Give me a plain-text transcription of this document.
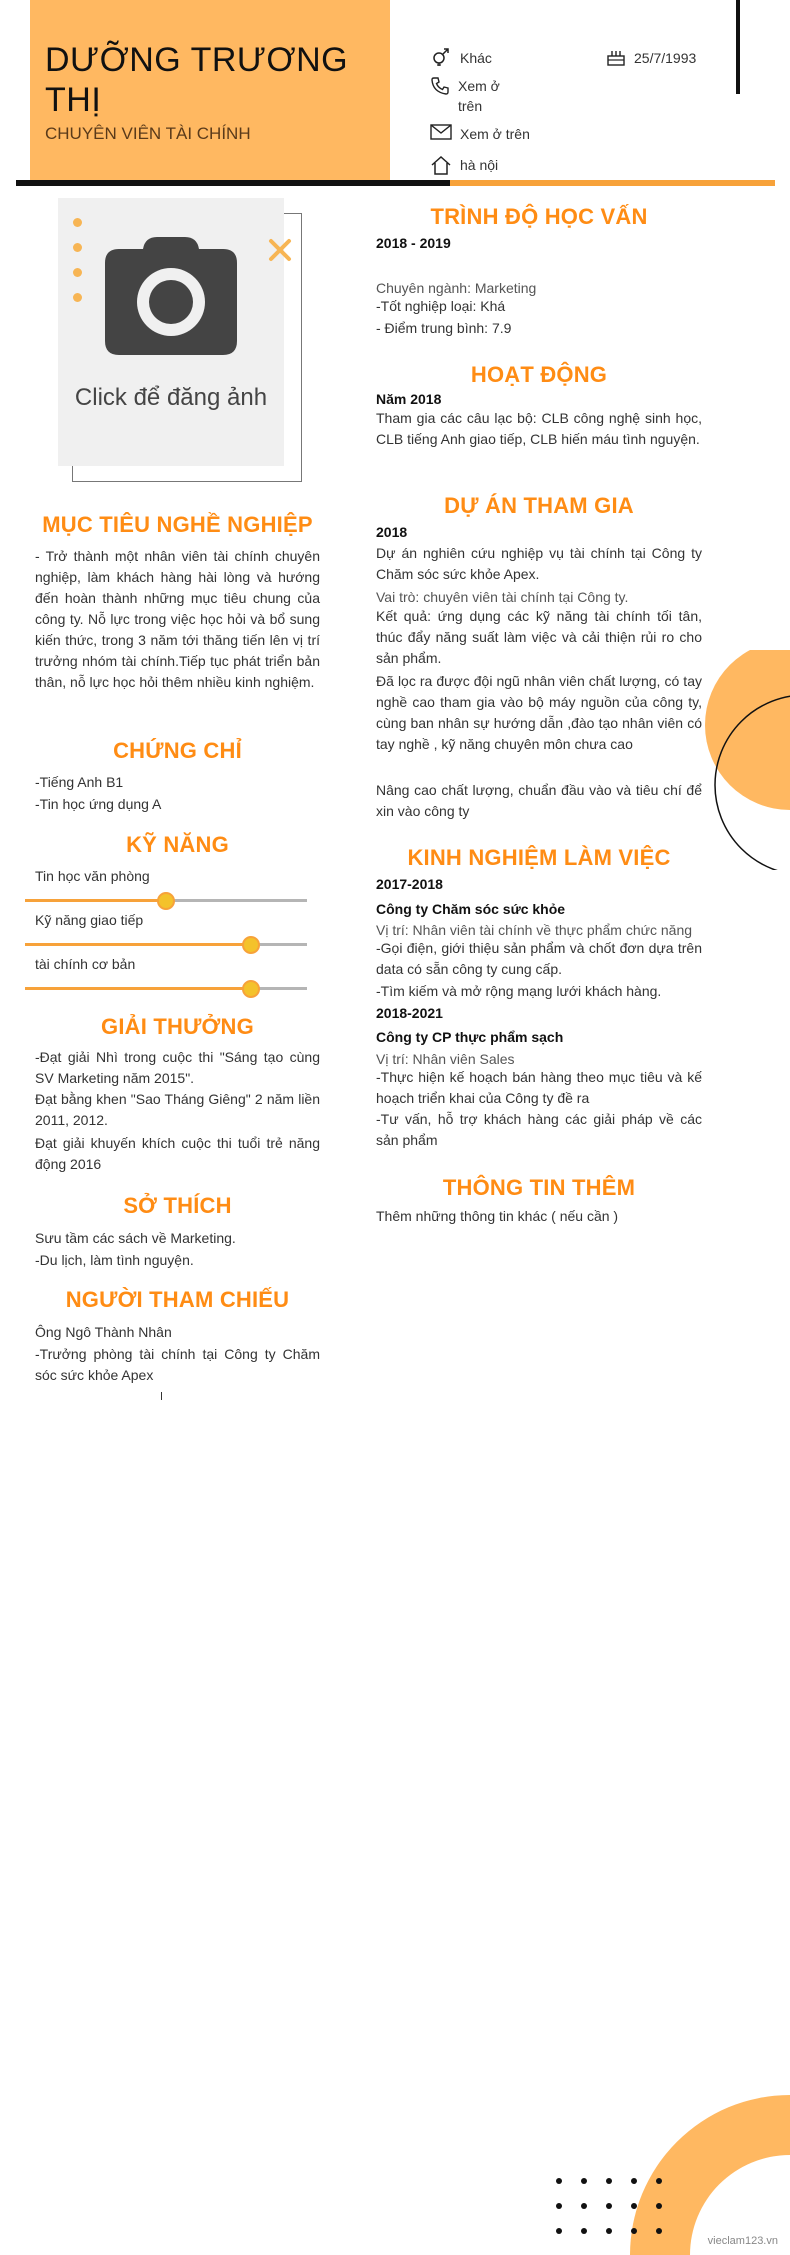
DƯỠNG TRƯƠNG THỊ
CHUYÊN VIÊN TÀI CHÍNH
Khác	25/7/1993
Xem ở trên
Xem ở trên
hà nội
Click để đăng ảnh
MỤC TIÊU NGHỀ NGHIỆP
- Trở thành một nhân viên tài chính chuyên nghiệp, làm khách hàng hài lòng và hướng đến hoàn thành những mục tiêu chung của công ty. Nỗ lực trong việc học hỏi và bổ sung kiến thức, trong 3 năm tới thăng tiến lên vị trí trưởng nhóm tài chính.Tiếp tục phát triển bản thân, nỗ lực học hỏi thêm nhiều kinh nghiệm.
CHỨNG CHỈ
-Tiếng Anh B1
-Tin học ứng dụng A
KỸ NĂNG
Tin học văn phòng
Kỹ năng giao tiếp
tài chính cơ bản
GIẢI THƯỞNG
-Đạt giải Nhì trong cuộc thi "Sáng tạo cùng SV Marketing năm 2015".
Đạt bằng khen "Sao Tháng Giêng" 2 năm liền 2011, 2012.
Đạt giải khuyến khích cuộc thi tuổi trẻ năng động 2016
SỞ THÍCH
Sưu tầm các sách về Marketing.
-Du lịch, làm tình nguyện.
NGƯỜI THAM CHIẾU
Ông Ngô Thành Nhân
-Trưởng phòng tài chính tại Công ty Chăm sóc sức khỏe Apex
TRÌNH ĐỘ HỌC VẤN
2018 - 2019
Chuyên ngành: Marketing
-Tốt nghiệp loại: Khá
- Điểm trung bình: 7.9
HOẠT ĐỘNG
Năm 2018
Tham gia các câu lạc bộ: CLB công nghệ sinh học, CLB tiếng Anh giao tiếp, CLB hiến máu tình nguyện.
DỰ ÁN THAM GIA
2018
Dự án nghiên cứu nghiệp vụ tài chính tại Công ty Chăm sóc sức khỏe Apex.
Vai trò: chuyên viên tài chính tại Công ty.
Kết quả: ứng dụng các kỹ năng tài chính tối tân, thúc đẩy năng suất làm việc và cải thiện rủi ro cho sản phẩm.
Đã lọc ra được đội ngũ nhân viên chất lượng, có tay nghề cao tham gia vào bộ máy nguồn của công ty, cùng ban nhân sự hướng dẫn ,đào tạo nhân viên có tay nghề , kỹ năng chuyên môn chưa cao
Nâng cao chất lượng, chuẩn đầu vào và tiêu chí để xin vào công ty
KINH NGHIỆM LÀM VIỆC
2017-2018
Công ty Chăm sóc sức khỏe
Vị trí: Nhân viên tài chính về thực phẩm chức năng
-Gọi điện, giới thiệu sản phẩm và chốt đơn dựa trên data có sẵn công ty cung cấp.
-Tìm kiếm và mở rộng mạng lưới khách hàng.
2018-2021
Công ty CP thực phẩm sạch
Vị trí: Nhân viên Sales
-Thực hiện kế hoạch bán hàng theo mục tiêu và kế hoạch triển khai của Công ty đề ra
-Tư vấn, hỗ trợ khách hàng các giải pháp về các sản phẩm
THÔNG TIN THÊM
Thêm những thông tin khác ( nếu cần )
vieclam123.vn
